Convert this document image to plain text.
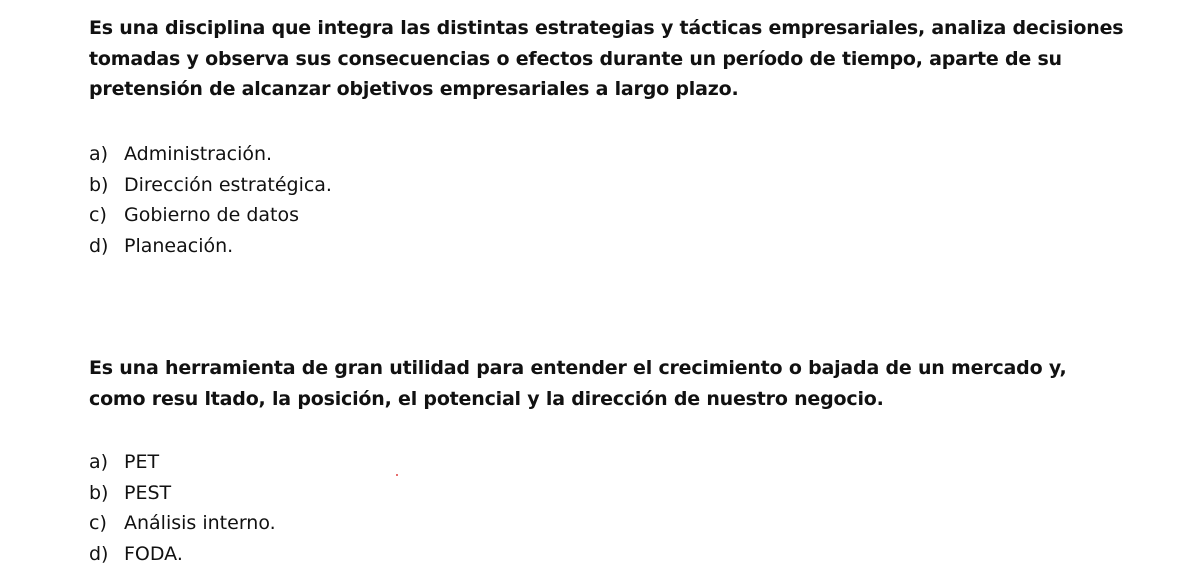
Es una disciplina que integra las distintas estrategias y tácticas empresariales, analiza decisiones
tomadas y observa sus consecuencias o efectos durante un período de tiempo, aparte de su
pretensión de alcanzar objetivos empresariales a largo plazo.
a) Administración.
b) Dirección estratégica.
c) Gobierno de datos
d) Planeación.
Es una herramienta de gran utilidad para entender el crecimiento o bajada de un mercado y,
como resu ltado, la posición, el potencial y la dirección de nuestro negocio.
a) PET
b) PEST
c) Análisis interno.
d) FODA.
